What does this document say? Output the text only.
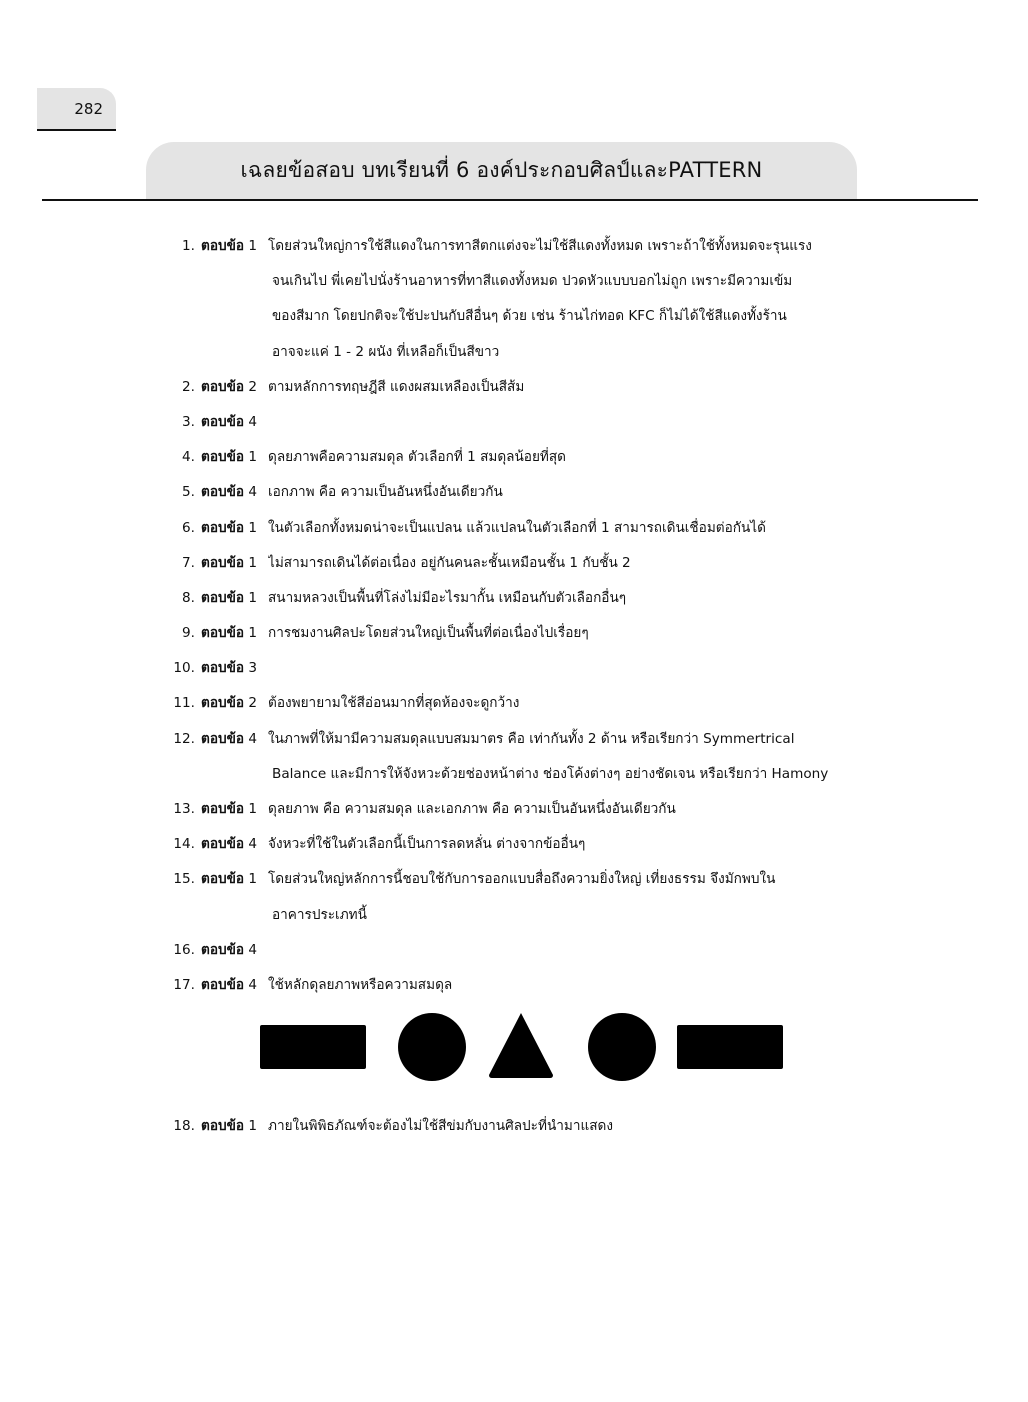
282
เฉลยข้อสอบ บทเรียนที่ 6 องค์ประกอบศิลป์และPATTERN
1. ตอบข้อ 1 โดยส่วนใหญ่การใช้สีแดงในการทาสีตกแต่งจะไม่ใช้สีแดงทั้งหมด เพราะถ้าใช้ทั้งหมดจะรุนแรง
จนเกินไป พี่เคยไปนั่งร้านอาหารที่ทาสีแดงทั้งหมด ปวดหัวแบบบอกไม่ถูก เพราะมีความเข้ม
ของสีมาก โดยปกติจะใช้ปะปนกับสีอื่นๆ ด้วย เช่น ร้านไก่ทอด KFC ก็ไม่ได้ใช้สีแดงทั้งร้าน
อาจจะแค่ 1 - 2 ผนัง ที่เหลือก็เป็นสีขาว
2. ตอบข้อ 2 ตามหลักการทฤษฎีสี แดงผสมเหลืองเป็นสีส้ม
3. ตอบข้อ 4
4. ตอบข้อ 1 ดุลยภาพคือความสมดุล ตัวเลือกที่ 1 สมดุลน้อยที่สุด
5. ตอบข้อ 4 เอกภาพ คือ ความเป็นอันหนึ่งอันเดียวกัน
6. ตอบข้อ 1 ในตัวเลือกทั้งหมดน่าจะเป็นแปลน แล้วแปลนในตัวเลือกที่ 1 สามารถเดินเชื่อมต่อกันได้
7. ตอบข้อ 1 ไม่สามารถเดินได้ต่อเนื่อง อยู่กันคนละชั้นเหมือนชั้น 1 กับชั้น 2
8. ตอบข้อ 1 สนามหลวงเป็นพื้นที่โล่งไม่มีอะไรมากั้น เหมือนกับตัวเลือกอื่นๆ
9. ตอบข้อ 1 การชมงานศิลปะโดยส่วนใหญ่เป็นพื้นที่ต่อเนื่องไปเรื่อยๆ
10. ตอบข้อ 3
11. ตอบข้อ 2 ต้องพยายามใช้สีอ่อนมากที่สุดห้องจะดูกว้าง
12. ตอบข้อ 4 ในภาพที่ให้มามีความสมดุลแบบสมมาตร คือ เท่ากันทั้ง 2 ด้าน หรือเรียกว่า Symmertrical
Balance และมีการให้จังหวะด้วยช่องหน้าต่าง ช่องโค้งต่างๆ อย่างชัดเจน หรือเรียกว่า Hamony
13. ตอบข้อ 1 ดุลยภาพ คือ ความสมดุล และเอกภาพ คือ ความเป็นอันหนึ่งอันเดียวกัน
14. ตอบข้อ 4 จังหวะที่ใช้ในตัวเลือกนี้เป็นการลดหลั่น ต่างจากข้ออื่นๆ
15. ตอบข้อ 1 โดยส่วนใหญ่หลักการนี้ชอบใช้กับการออกแบบสื่อถึงความยิ่งใหญ่ เที่ยงธรรม จึงมักพบใน
อาคารประเภทนี้
16. ตอบข้อ 4
17. ตอบข้อ 4 ใช้หลักดุลยภาพหรือความสมดุล
18. ตอบข้อ 1 ภายในพิพิธภัณฑ์จะต้องไม่ใช้สีข่มกับงานศิลปะที่นำมาแสดง
